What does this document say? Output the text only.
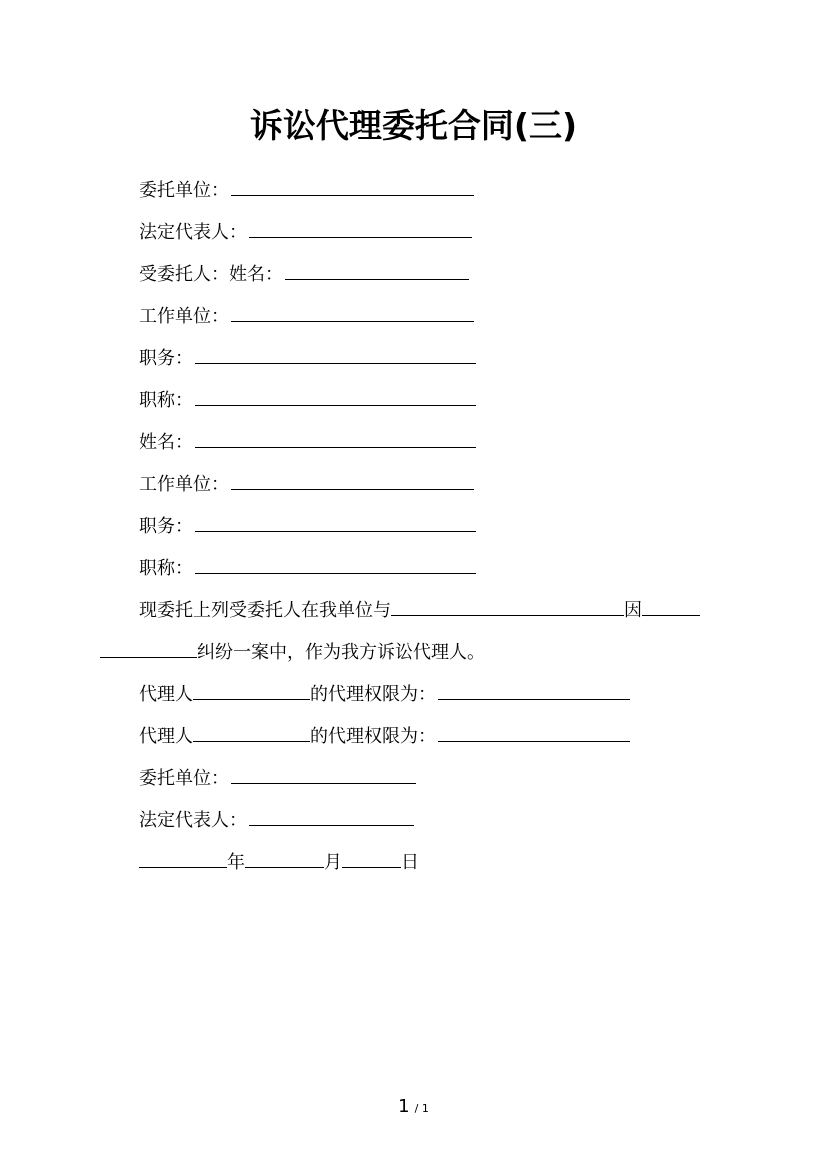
诉讼代理委托合同(三)
委托单位：
法定代表人：
受委托人：姓名：
工作单位：
职务：
职称：
姓名：
工作单位：
职务：
职称：
现委托上列受委托人在我单位与	因
纠纷一案中，作为我方诉讼代理人。
代理人	的代理权限为：
代理人	的代理权限为：
委托单位：
法定代表人：
年	月	日
1 / 1
